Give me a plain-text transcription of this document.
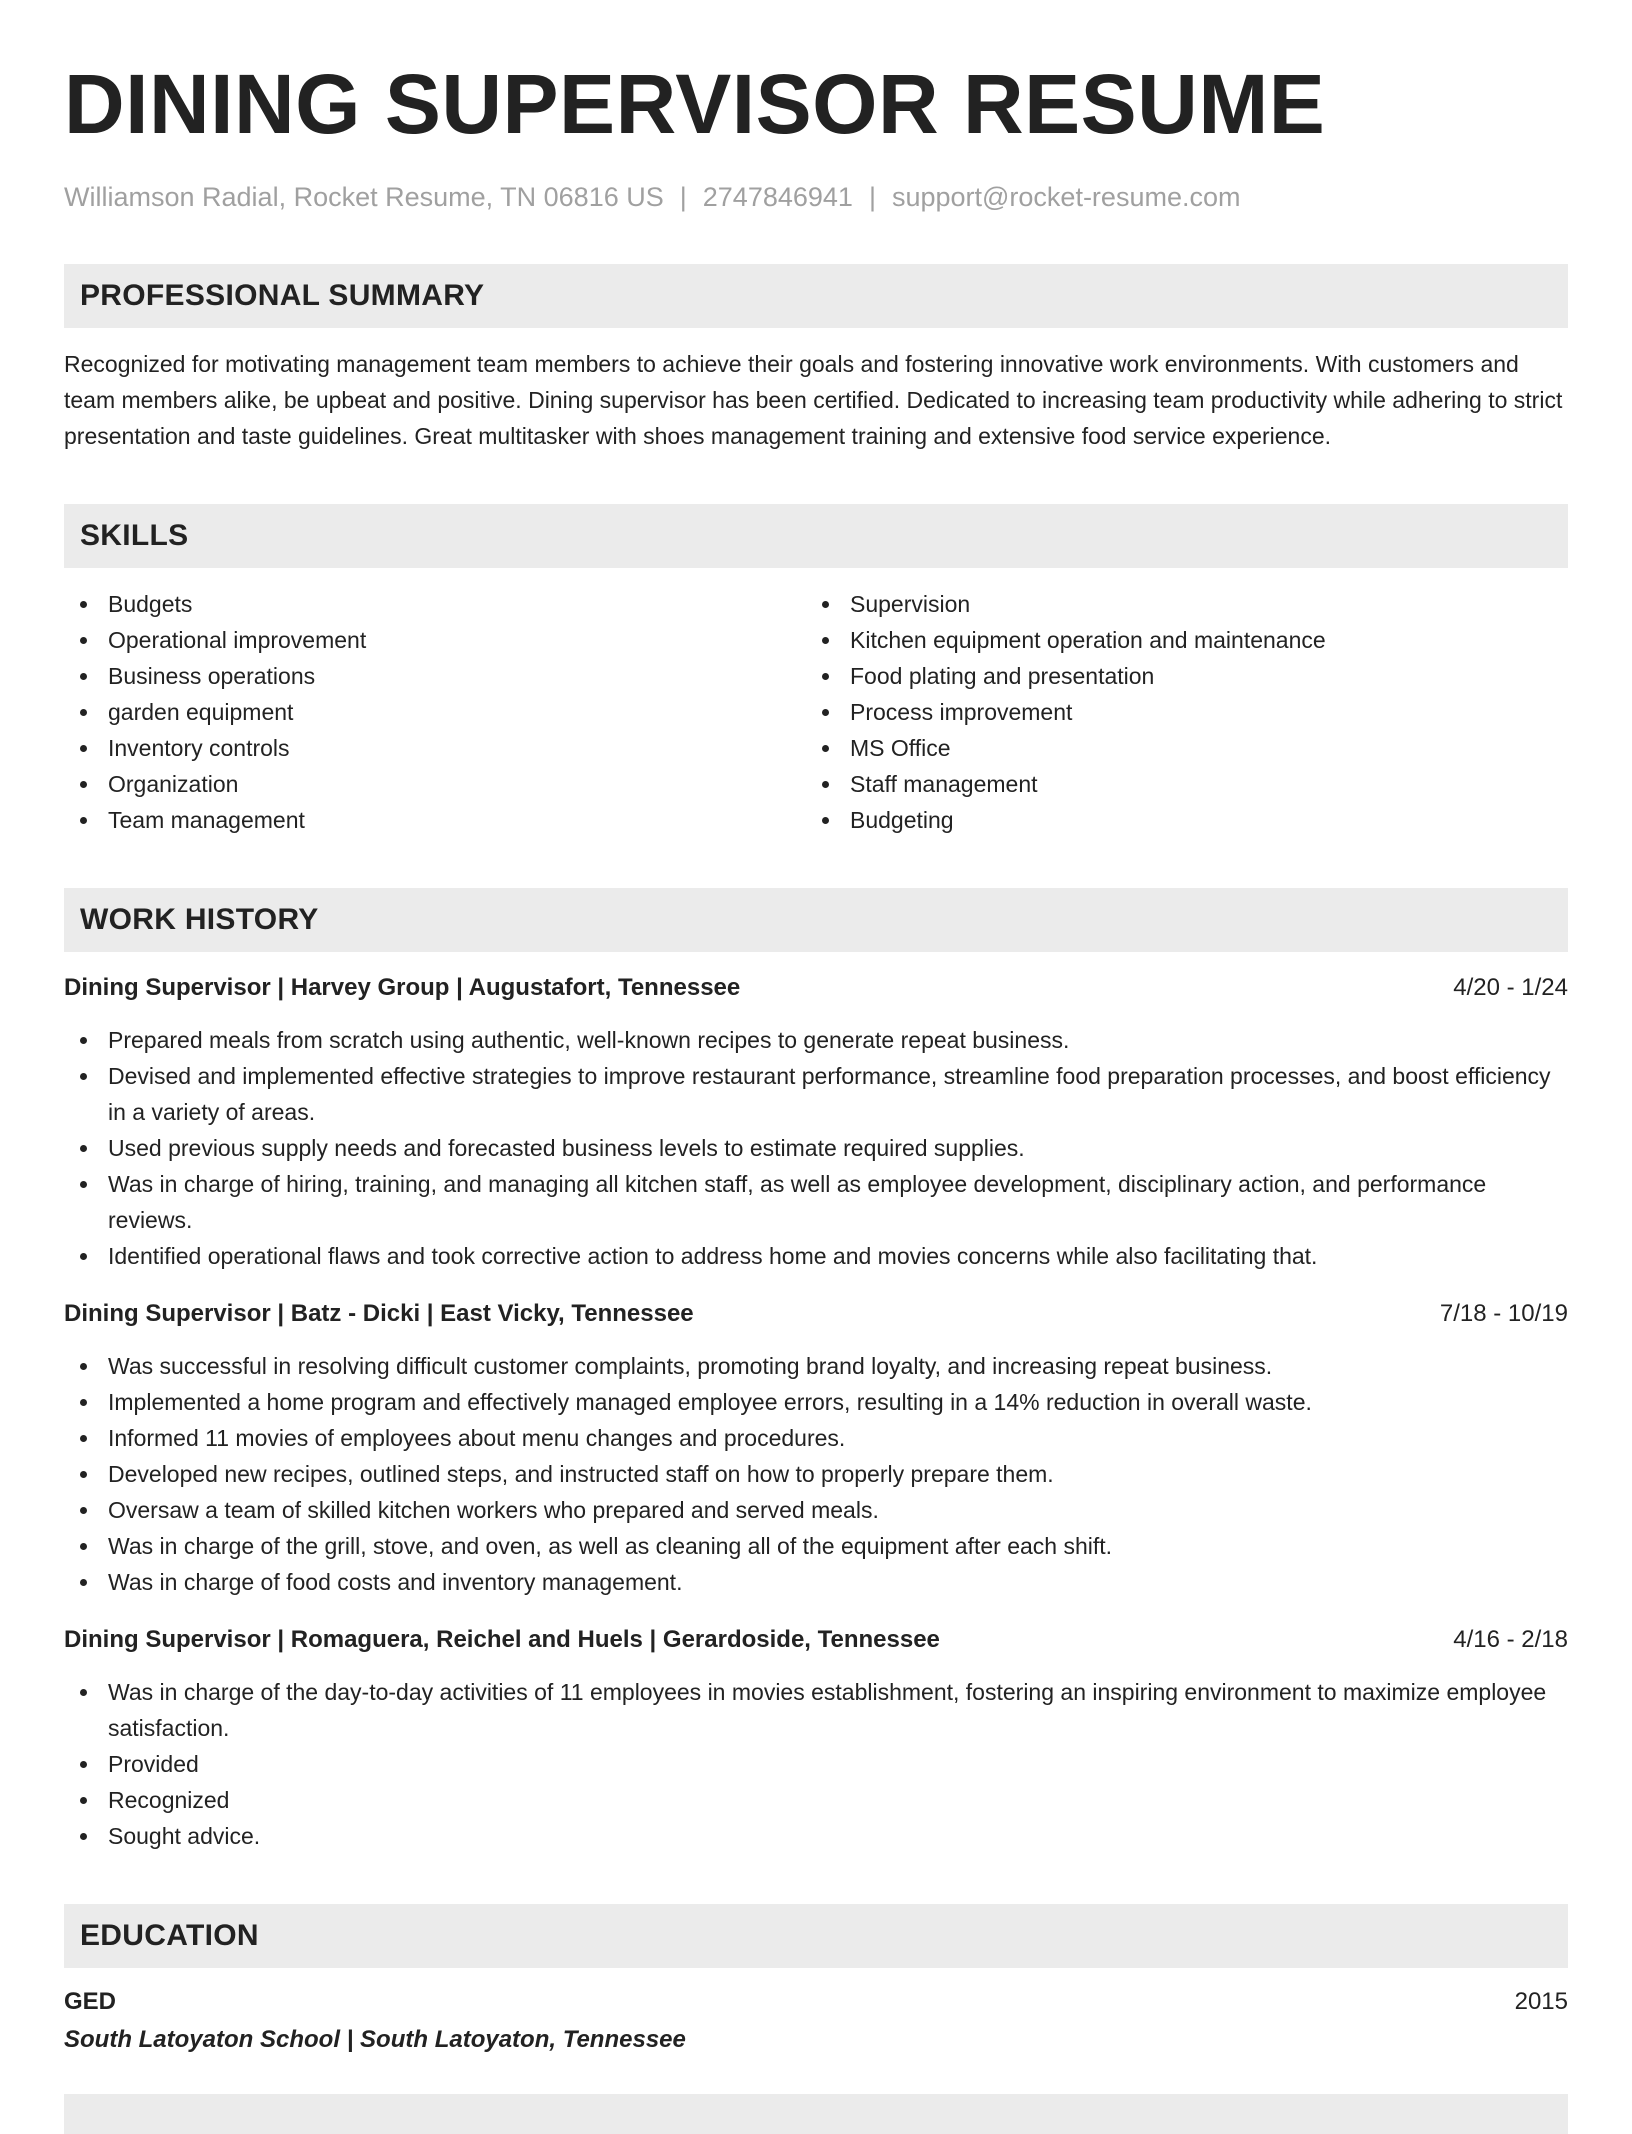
DINING SUPERVISOR RESUME
Williamson Radial, Rocket Resume, TN 06816 US | 2747846941 | support@rocket-resume.com
PROFESSIONAL SUMMARY
Recognized for motivating management team members to achieve their goals and fostering innovative work environments. With customers and team members alike, be upbeat and positive. Dining supervisor has been certified. Dedicated to increasing team productivity while adhering to strict presentation and taste guidelines. Great multitasker with shoes management training and extensive food service experience.
SKILLS
Budgets
Operational improvement
Business operations
garden equipment
Inventory controls
Organization
Team management
Supervision
Kitchen equipment operation and maintenance
Food plating and presentation
Process improvement
MS Office
Staff management
Budgeting
WORK HISTORY
Dining Supervisor | Harvey Group | Augustafort, Tennessee	4/20 - 1/24
Prepared meals from scratch using authentic, well-known recipes to generate repeat business.
Devised and implemented effective strategies to improve restaurant performance, streamline food preparation processes, and boost efficiency in a variety of areas.
Used previous supply needs and forecasted business levels to estimate required supplies.
Was in charge of hiring, training, and managing all kitchen staff, as well as employee development, disciplinary action, and performance reviews.
Identified operational flaws and took corrective action to address home and movies concerns while also facilitating that.
Dining Supervisor | Batz - Dicki | East Vicky, Tennessee	7/18 - 10/19
Was successful in resolving difficult customer complaints, promoting brand loyalty, and increasing repeat business.
Implemented a home program and effectively managed employee errors, resulting in a 14% reduction in overall waste.
Informed 11 movies of employees about menu changes and procedures.
Developed new recipes, outlined steps, and instructed staff on how to properly prepare them.
Oversaw a team of skilled kitchen workers who prepared and served meals.
Was in charge of the grill, stove, and oven, as well as cleaning all of the equipment after each shift.
Was in charge of food costs and inventory management.
Dining Supervisor | Romaguera, Reichel and Huels | Gerardoside, Tennessee	4/16 - 2/18
Was in charge of the day-to-day activities of 11 employees in movies establishment, fostering an inspiring environment to maximize employee satisfaction.
Provided
Recognized
Sought advice.
EDUCATION
GED	2015
South Latoyaton School | South Latoyaton, Tennessee
